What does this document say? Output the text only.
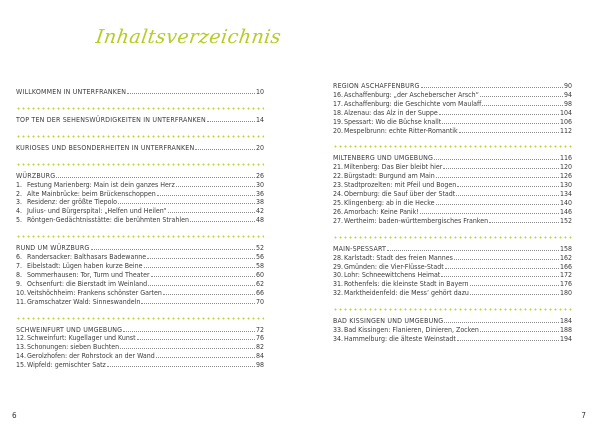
Inhaltsverzeichnis
WILLKOMMEN IN UNTERFRANKEN	10
TOP TEN DER SEHENSWÜRDIGKEITEN IN UNTERFRANKEN	14
KURIOSES UND BESONDERHEITEN IN UNTERFRANKEN	20
WÜRZBURG	26
1. Festung Marienberg: Main ist dein ganzes Herz	30
2. Alte Mainbrücke: beim Brückenschoppen	36
3. Residenz: der größte Tiepolo	38
4. Julius- und Bürgerspital: „Helfen und Heilen“	42
5. Röntgen-Gedächtnisstätte: die berühmten Strahlen	48
RUND UM WÜRZBURG	52
6. Randersacker: Balthasars Badewanne	56
7. Eibelstadt: Lügen haben kurze Beine	58
8. Sommerhausen: Tor, Turm und Theater	60
9. Ochsenfurt: die Bierstadt im Weinland	62
10. Veitshöchheim: Frankens schönster Garten	66
11. Gramschatzer Wald: Sinneswandeln	70
SCHWEINFURT UND UMGEBUNG	72
12. Schweinfurt: Kugellager und Kunst	76
13. Schonungen: sieben Buchten	82
14. Gerolzhofen: der Rohrstock an der Wand	84
15. Wipfeld: gemischter Satz	98
6	7
REGION ASCHAFFENBURG	90
16. Aschaffenburg: „der Ascheberscher Arsch“	94
17. Aschaffenburg: die Geschichte vom Maulaff	98
18. Alzenau: das Alz in der Suppe	104
19. Spessart: Wo die Büchse knallt	106
20. Mespelbrunn: echte Ritter-Romantik	112
MILTENBERG UND UMGEBUNG	116
21. Miltenberg: Das Bier bleibt hier	120
22. Bürgstadt: Burgund am Main	126
23. Stadtprozelten: mit Pfeil und Bogen	130
24. Obernburg: die Sauf über der Stadt	134
25. Klingenberg: ab in die Hecke	140
26. Amorbach: Keine Panik!	146
27. Wertheim: baden-württembergisches Franken	152
MAIN-SPESSART	158
28. Karlstadt: Stadt des freien Mannes	162
29. Gmünden: die Vier-Flüsse-Stadt	166
30. Lohr: Schneewittchens Heimat	172
31. Rothenfels: die kleinste Stadt in Bayern	176
32. Marktheidenfeld: die Mess’ gehört dazu	180
BAD KISSINGEN UND UMGEBUNG	184
33. Bad Kissingen: Flanieren, Dinieren, Zocken	188
34. Hammelburg: die älteste Weinstadt	194
